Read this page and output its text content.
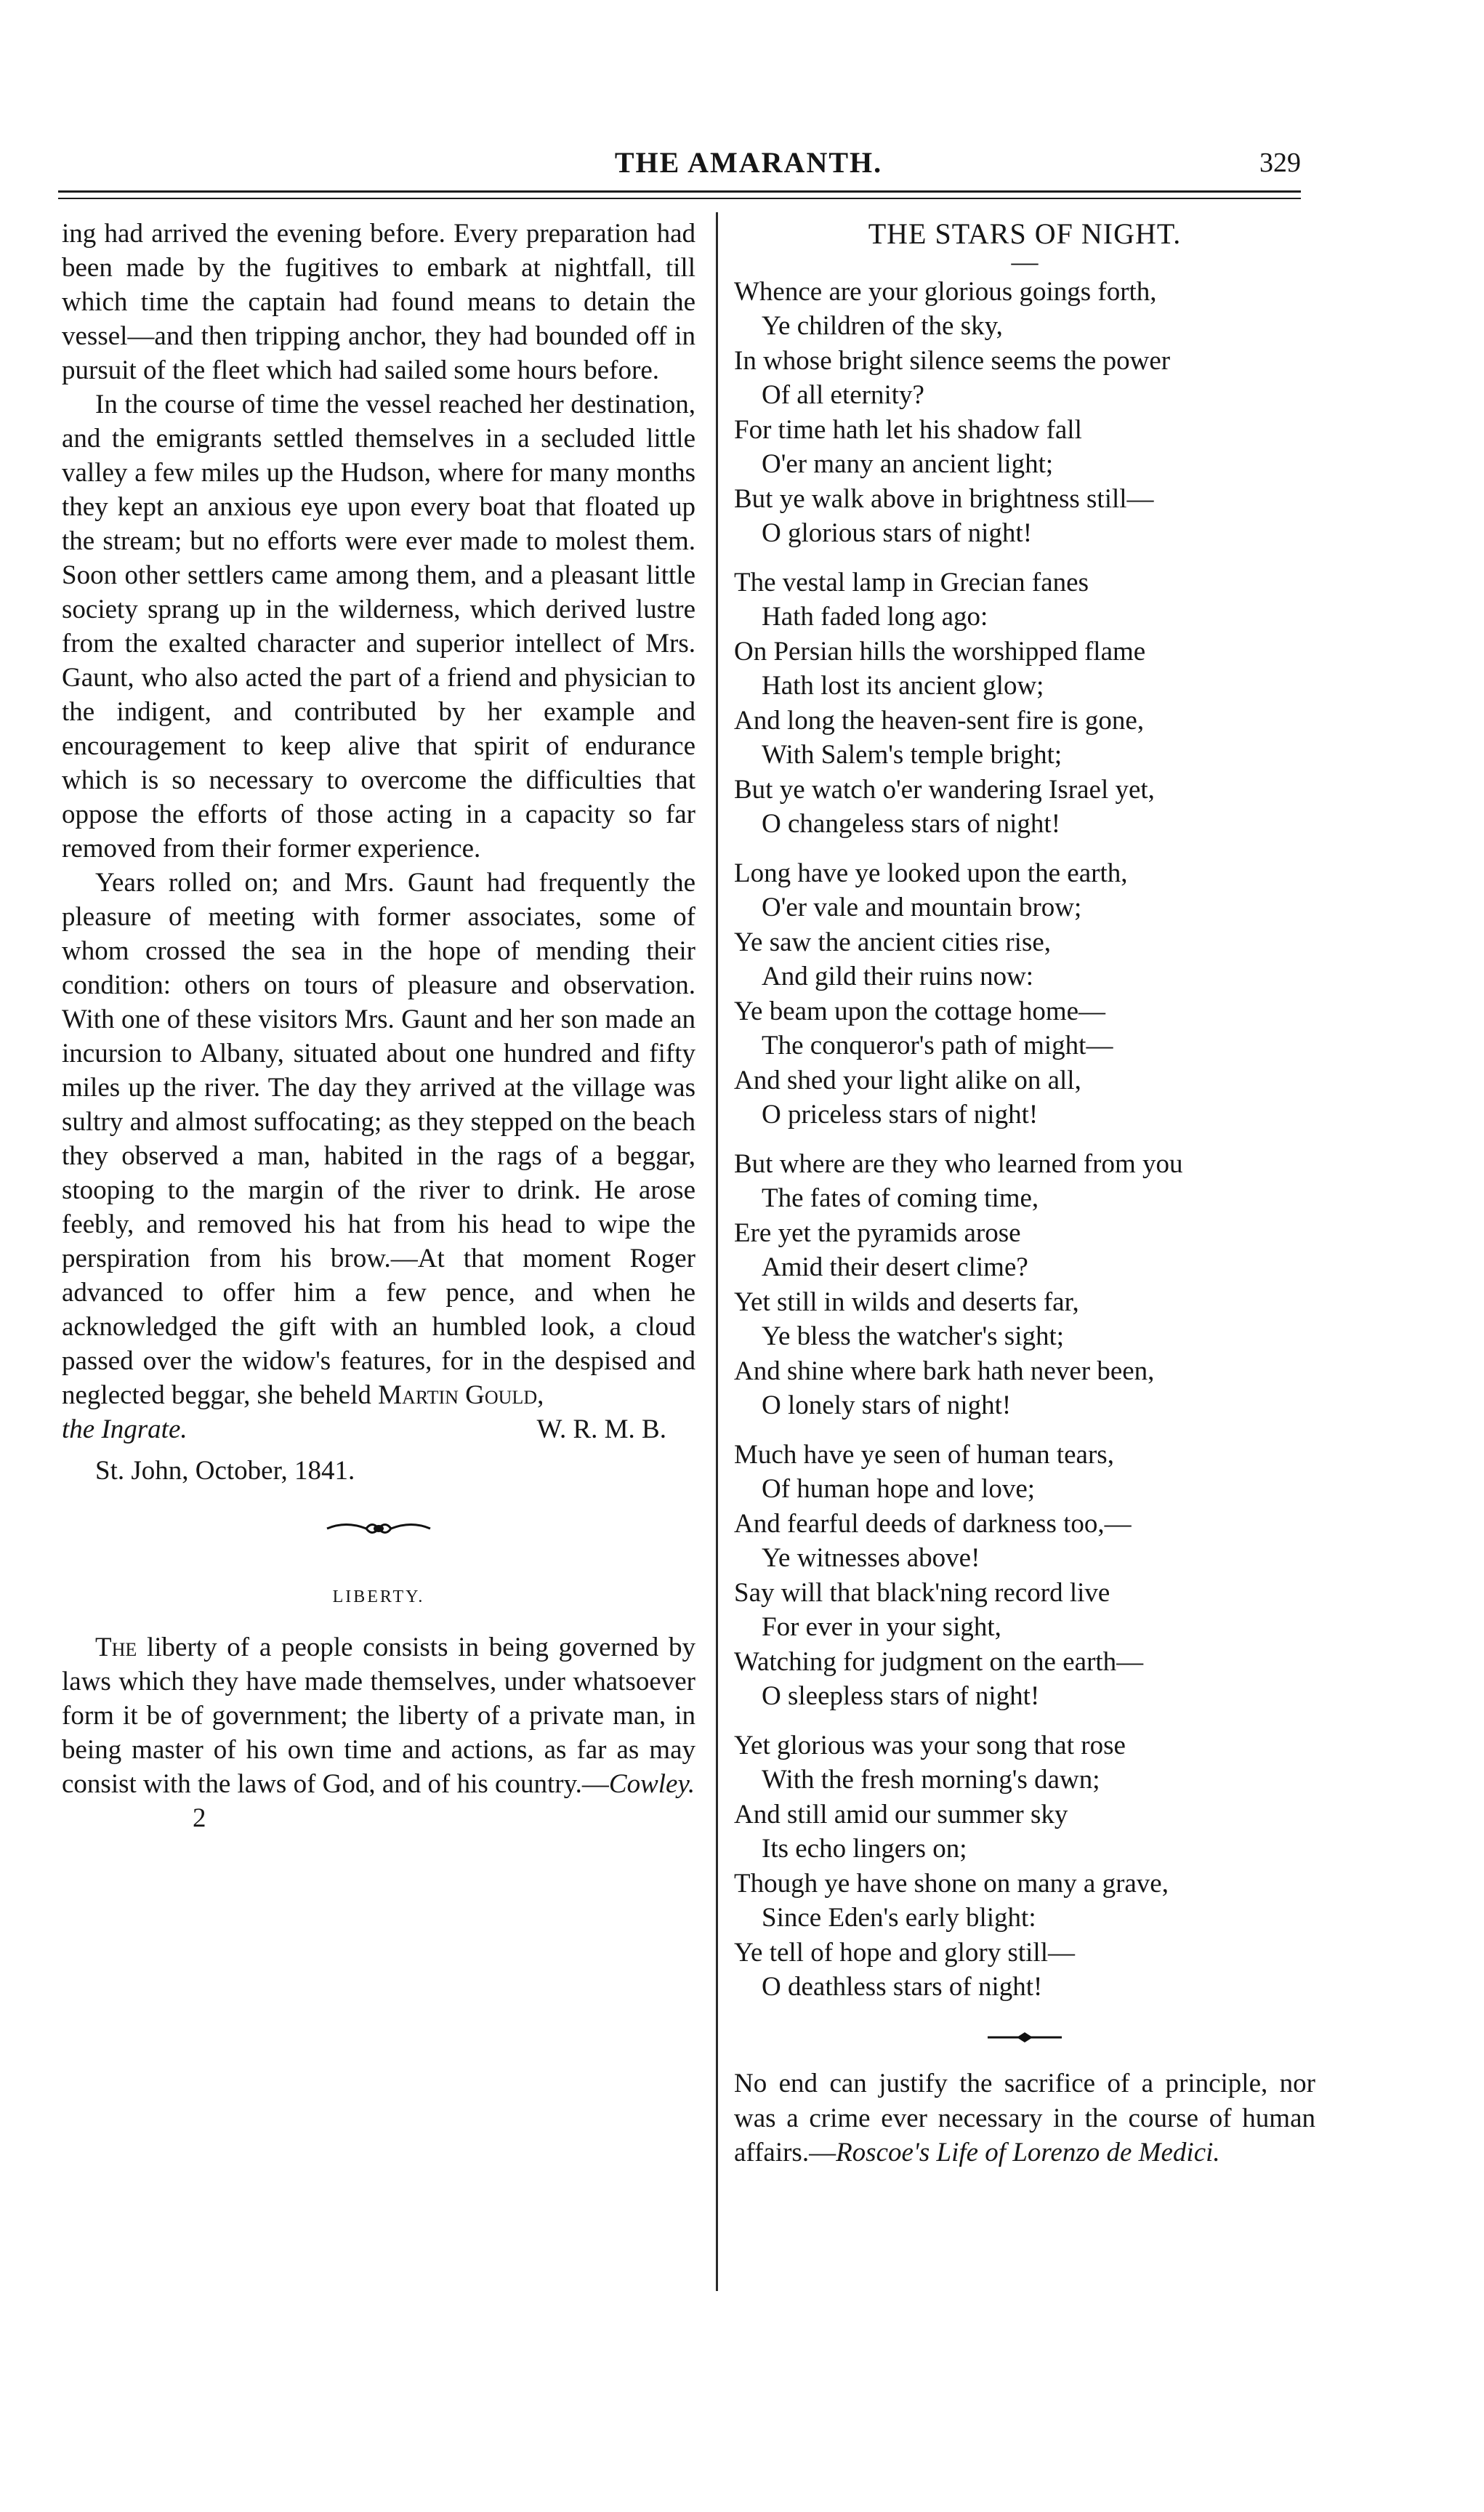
THE AMARANTH.	329

ing had arrived the evening before. Every preparation had been made by the fugitives to embark at nightfall, till which time the captain had found means to detain the vessel—and then tripping anchor, they had bounded off in pursuit of the fleet which had sailed some hours before.

In the course of time the vessel reached her destination, and the emigrants settled themselves in a secluded little valley a few miles up the Hudson, where for many months they kept an anxious eye upon every boat that floated up the stream; but no efforts were ever made to molest them. Soon other settlers came among them, and a pleasant little society sprang up in the wilderness, which derived lustre from the exalted character and superior intellect of Mrs. Gaunt, who also acted the part of a friend and physician to the indigent, and contributed by her example and encouragement to keep alive that spirit of endurance which is so necessary to overcome the difficulties that oppose the efforts of those acting in a capacity so far removed from their former experience.

Years rolled on; and Mrs. Gaunt had frequently the pleasure of meeting with former associates, some of whom crossed the sea in the hope of mending their condition: others on tours of pleasure and observation. With one of these visitors Mrs. Gaunt and her son made an incursion to Albany, situated about one hundred and fifty miles up the river. The day they arrived at the village was sultry and almost suffocating; as they stepped on the beach they observed a man, habited in the rags of a beggar, stooping to the margin of the river to drink. He arose feebly, and removed his hat from his head to wipe the perspiration from his brow.—At that moment Roger advanced to offer him a few pence, and when he acknowledged the gift with an humbled look, a cloud passed over the widow's features, for in the despised and neglected beggar, she beheld Martin Gould,

the Ingrate.	W. R. M. B.
St. John, October, 1841.
LIBERTY.

The liberty of a people consists in being governed by laws which they have made themselves, under whatsoever form it be of government; the liberty of a private man, in being master of his own time and actions, as far as may consist with the laws of God, and of his country.—Cowley.

2
THE STARS OF NIGHT.
—
Whence are your glorious goings forth,
Ye children of the sky,
In whose bright silence seems the power
Of all eternity?
For time hath let his shadow fall
O'er many an ancient light;
But ye walk above in brightness still—
O glorious stars of night!
The vestal lamp in Grecian fanes
Hath faded long ago:
On Persian hills the worshipped flame
Hath lost its ancient glow;
And long the heaven-sent fire is gone,
With Salem's temple bright;
But ye watch o'er wandering Israel yet,
O changeless stars of night!
Long have ye looked upon the earth,
O'er vale and mountain brow;
Ye saw the ancient cities rise,
And gild their ruins now:
Ye beam upon the cottage home—
The conqueror's path of might—
And shed your light alike on all,
O priceless stars of night!
But where are they who learned from you
The fates of coming time,
Ere yet the pyramids arose
Amid their desert clime?
Yet still in wilds and deserts far,
Ye bless the watcher's sight;
And shine where bark hath never been,
O lonely stars of night!
Much have ye seen of human tears,
Of human hope and love;
And fearful deeds of darkness too,—
Ye witnesses above!
Say will that black'ning record live
For ever in your sight,
Watching for judgment on the earth—
O sleepless stars of night!
Yet glorious was your song that rose
With the fresh morning's dawn;
And still amid our summer sky
Its echo lingers on;
Though ye have shone on many a grave,
Since Eden's early blight:
Ye tell of hope and glory still—
O deathless stars of night!

No end can justify the sacrifice of a principle, nor was a crime ever necessary in the course of human affairs.—Roscoe's Life of Lorenzo de Medici.
